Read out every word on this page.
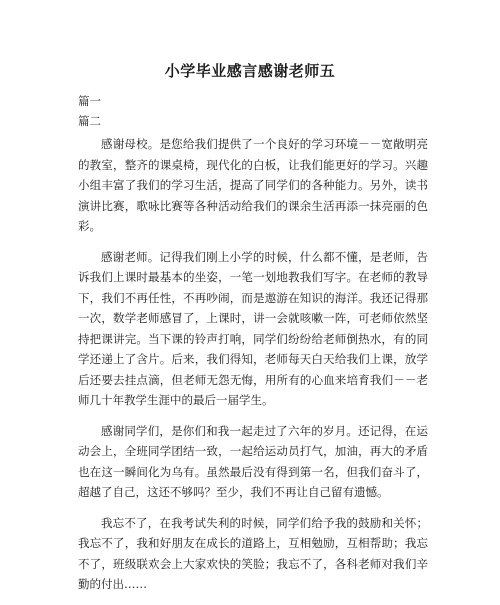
小学毕业感言感谢老师五
篇一
篇二

感谢母校。是您给我们提供了一个良好的学习环境－－宽敞明亮的教室，整齐的课桌椅，现代化的白板，让我们能更好的学习。兴趣小组丰富了我们的学习生活，提高了同学们的各种能力。另外，读书演讲比赛，歌咏比赛等各种活动给我们的课余生活再添一抹亮丽的色彩。

感谢老师。记得我们刚上小学的时候，什么都不懂，是老师，告诉我们上课时最基本的坐姿，一笔一划地教我们写字。在老师的教导下，我们不再任性，不再吵闹，而是遨游在知识的海洋。我还记得那一次，数学老师感冒了，上课时，讲一会就咳嗽一阵，可老师依然坚持把课讲完。当下课的铃声打响，同学们纷纷给老师倒热水，有的同学还递上了含片。后来，我们得知，老师每天白天给我们上课，放学后还要去挂点滴，但老师无怨无悔，用所有的心血来培育我们－－老师几十年教学生涯中的最后一届学生。

感谢同学们，是你们和我一起走过了六年的岁月。还记得，在运动会上，全班同学团结一致，一起给运动员打气，加油，再大的矛盾也在这一瞬间化为乌有。虽然最后没有得到第一名，但我们奋斗了，超越了自己，这还不够吗？至少，我们不再让自己留有遗憾。

我忘不了，在我考试失利的时候，同学们给予我的鼓励和关怀；我忘不了，我和好朋友在成长的道路上，互相勉励，互相帮助；我忘不了，班级联欢会上大家欢快的笑脸；我忘不了，各科老师对我们辛勤的付出……
